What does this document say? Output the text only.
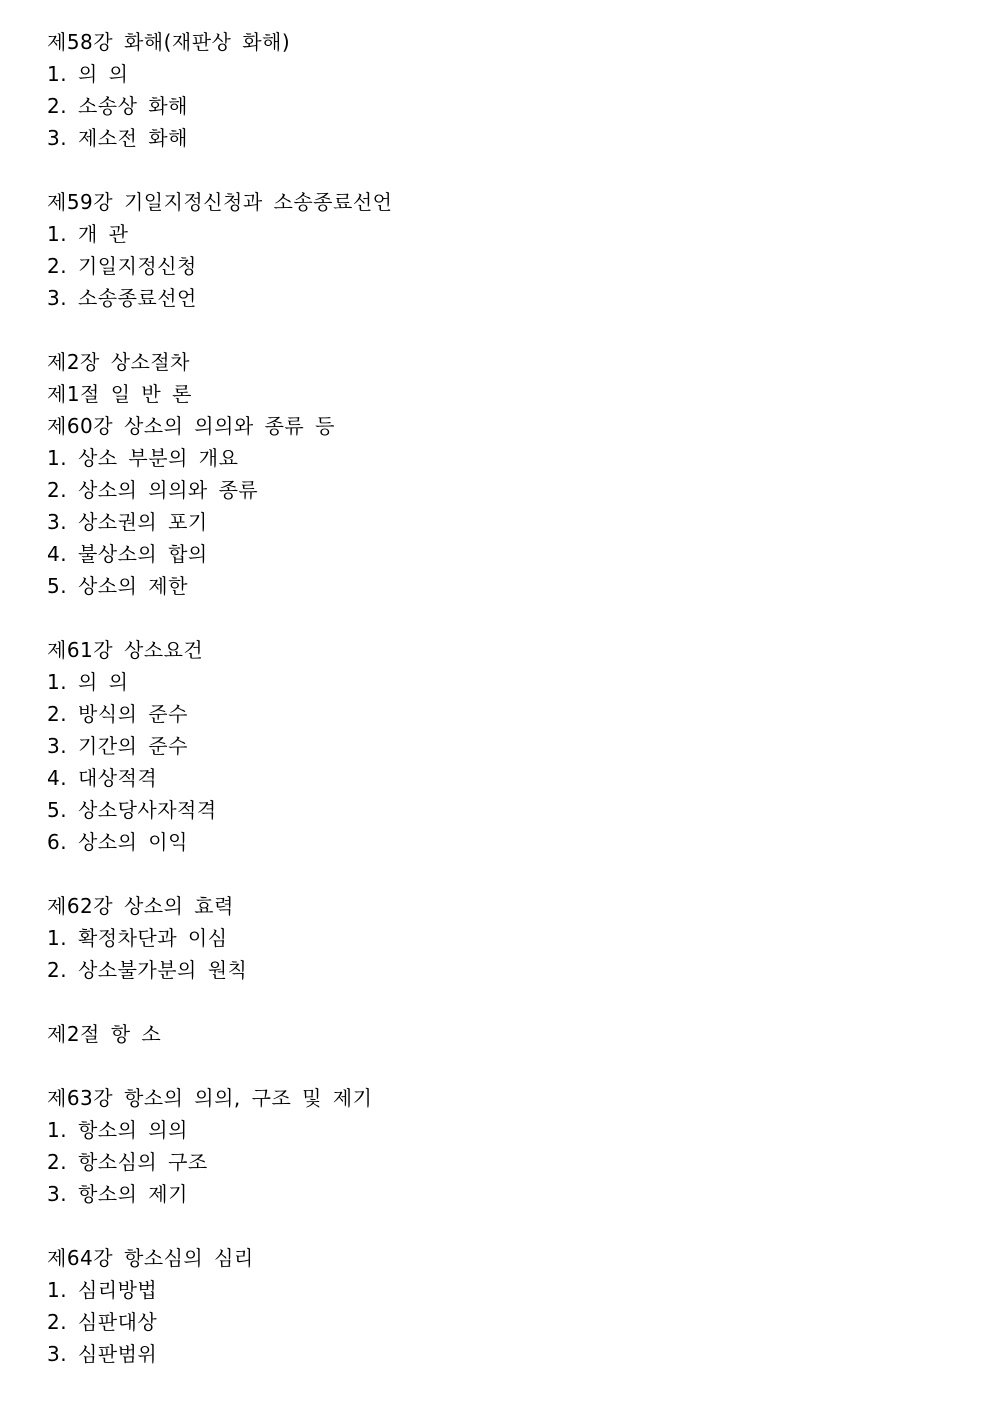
제58강 화해(재판상 화해)
1. 의 의
2. 소송상 화해
3. 제소전 화해
제59강 기일지정신청과 소송종료선언
1. 개 관
2. 기일지정신청
3. 소송종료선언
제2장 상소절차
제1절 일 반 론
제60강 상소의 의의와 종류 등
1. 상소 부분의 개요
2. 상소의 의의와 종류
3. 상소권의 포기
4. 불상소의 합의
5. 상소의 제한
제61강 상소요건
1. 의 의
2. 방식의 준수
3. 기간의 준수
4. 대상적격
5. 상소당사자적격
6. 상소의 이익
제62강 상소의 효력
1. 확정차단과 이심
2. 상소불가분의 원칙
제2절 항 소
제63강 항소의 의의, 구조 및 제기
1. 항소의 의의
2. 항소심의 구조
3. 항소의 제기
제64강 항소심의 심리
1. 심리방법
2. 심판대상
3. 심판범위
